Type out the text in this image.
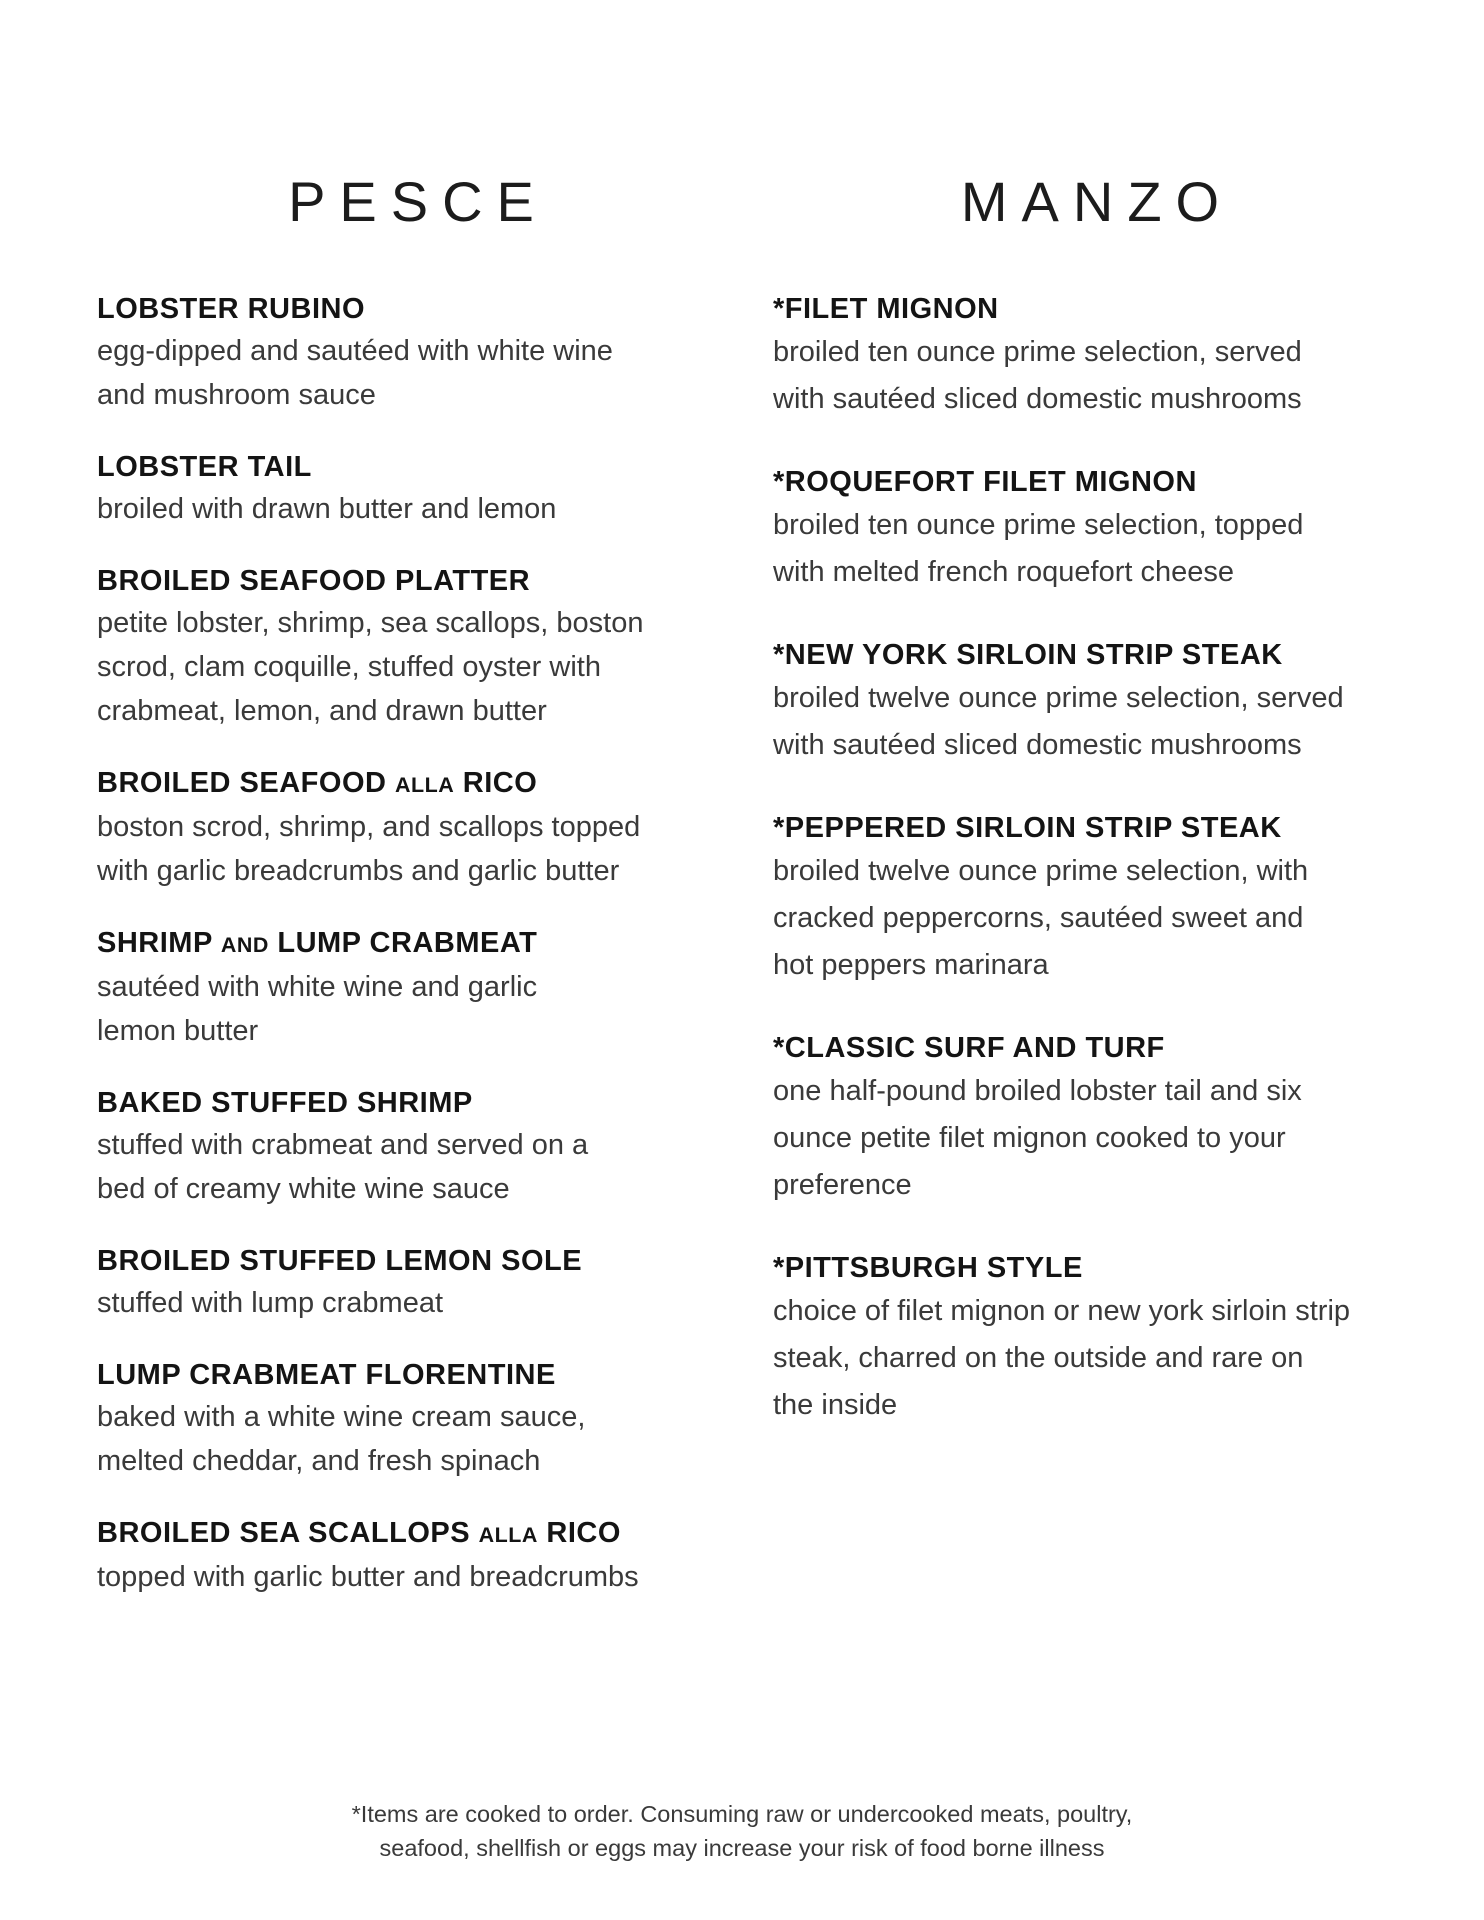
PESCE
LOBSTER RUBINO
egg-dipped and sautéed with white wine
and mushroom sauce
LOBSTER TAIL
broiled with drawn butter and lemon
BROILED SEAFOOD PLATTER
petite lobster, shrimp, sea scallops, boston
scrod, clam coquille, stuffed oyster with
crabmeat, lemon, and drawn butter
BROILED SEAFOOD ALLA RICO
boston scrod, shrimp, and scallops topped
with garlic breadcrumbs and garlic butter
SHRIMP AND LUMP CRABMEAT
sautéed with white wine and garlic
lemon butter
BAKED STUFFED SHRIMP
stuffed with crabmeat and served on a
bed of creamy white wine sauce
BROILED STUFFED LEMON SOLE
stuffed with lump crabmeat
LUMP CRABMEAT FLORENTINE
baked with a white wine cream sauce,
melted cheddar, and fresh spinach
BROILED SEA SCALLOPS ALLA RICO
topped with garlic butter and breadcrumbs
MANZO
*FILET MIGNON
broiled ten ounce prime selection, served
with sautéed sliced domestic mushrooms
*ROQUEFORT FILET MIGNON
broiled ten ounce prime selection, topped
with melted french roquefort cheese
*NEW YORK SIRLOIN STRIP STEAK
broiled twelve ounce prime selection, served
with sautéed sliced domestic mushrooms
*PEPPERED SIRLOIN STRIP STEAK
broiled twelve ounce prime selection, with
cracked peppercorns, sautéed sweet and
hot peppers marinara
*CLASSIC SURF AND TURF
one half-pound broiled lobster tail and six
ounce petite filet mignon cooked to your
preference
*PITTSBURGH STYLE
choice of filet mignon or new york sirloin strip
steak, charred on the outside and rare on
the inside
*Items are cooked to order. Consuming raw or undercooked meats, poultry,
seafood, shellfish or eggs may increase your risk of food borne illness
